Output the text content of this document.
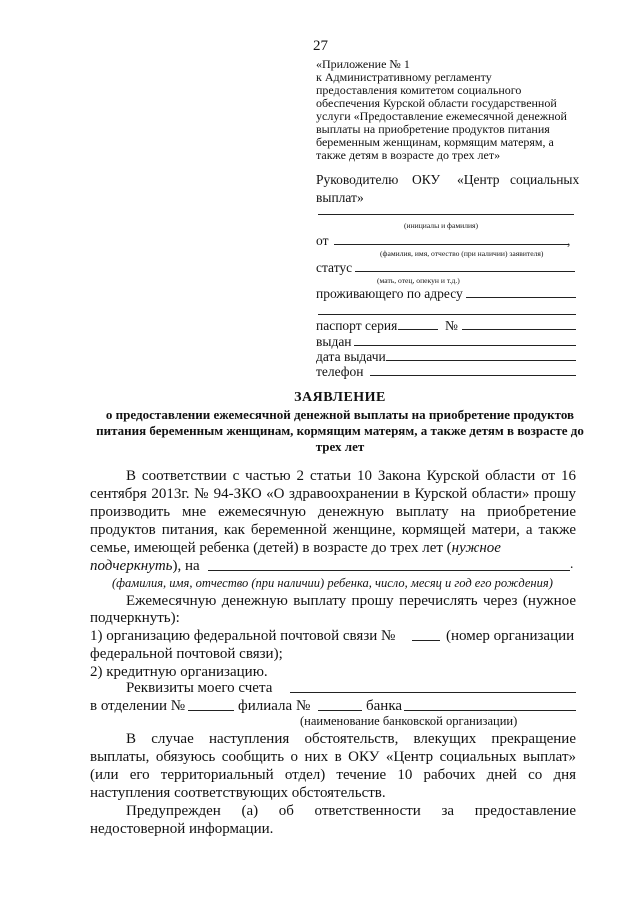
27
«Приложение № 1
к Административному регламенту
предоставления комитетом социального
обеспечения Курской области государственной
услуги «Предоставление ежемесячной денежной
выплаты на приобретение продуктов питания
беременным женщинам, кормящим матерям, а
также детям в возрасте до трех лет»
Руководителю ОКУ «Центр социальных
выплат»
(инициалы и фамилия)
от	,
(фамилия, имя, отчество (при наличии) заявителя)
статус
(мать, отец, опекун и т.д.)
проживающего по адресу
паспорт серия	№
выдан
дата выдачи
телефон
ЗАЯВЛЕНИЕ
о предоставлении ежемесячной денежной выплаты на приобретение продуктов
питания беременным женщинам, кормящим матерям, а также детям в возрасте до
трех лет
В соответствии с частью 2 статьи 10 Закона Курской области от 16
сентября 2013г. № 94-ЗКО «О здравоохранении в Курской области» прошу
производить мне ежемесячную денежную выплату на приобретение
продуктов питания, как беременной женщине, кормящей матери, а также
семье, имеющей ребенка (детей) в возрасте до трех лет (нужное
подчеркнуть), на	.
(фамилия, имя, отчество (при наличии) ребенка, число, месяц и год его рождения)
Ежемесячную денежную выплату прошу перечислять через (нужное
подчеркнуть):
1) организацию федеральной почтовой связи №	(номер организации
федеральной почтовой связи);
2) кредитную организацию.
Реквизиты моего счета
в отделении №	филиала №	банка
(наименование банковской организации)
В случае наступления обстоятельств, влекущих прекращение
выплаты, обязуюсь сообщить о них в ОКУ «Центр социальных выплат»
(или его территориальный отдел) течение 10 рабочих дней со дня
наступления соответствующих обстоятельств.
Предупрежден (а) об ответственности за предоставление
недостоверной информации.
